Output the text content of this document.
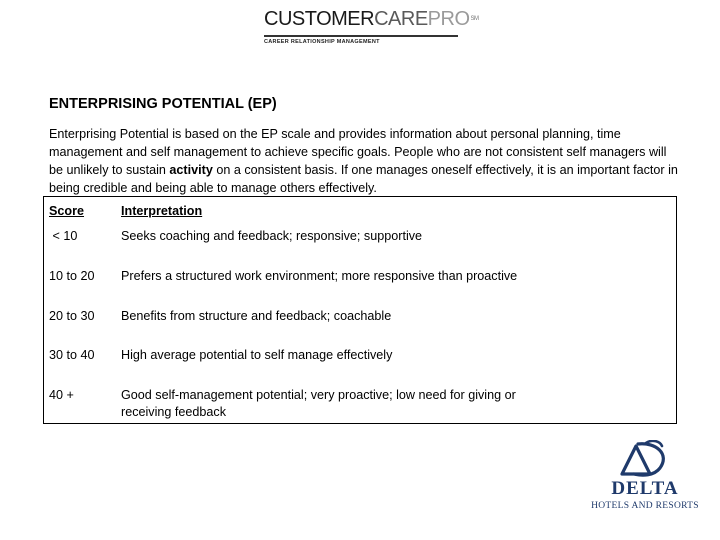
CUSTOMERCAREPRO℠
CAREER RELATIONSHIP MANAGEMENT
ENTERPRISING POTENTIAL (EP)

Enterprising Potential is based on the EP scale and provides information about personal planning, time management and self management to achieve specific goals. People who are not consistent self managers will be unlikely to sustain activity on a consistent basis. If one manages oneself effectively, it is an important factor in being credible and being able to manage others effectively.

Score	Interpretation
< 10	Seeks coaching and feedback; responsive; supportive
10 to 20 Prefers a structured work environment; more responsive than proactive
20 to 30 Benefits from structure and feedback; coachable
30 to 40 High average potential to self manage effectively
40 +	Good self-management potential; very proactive; low need for giving or receiving feedback
DELTA
HOTELS AND RESORTS
